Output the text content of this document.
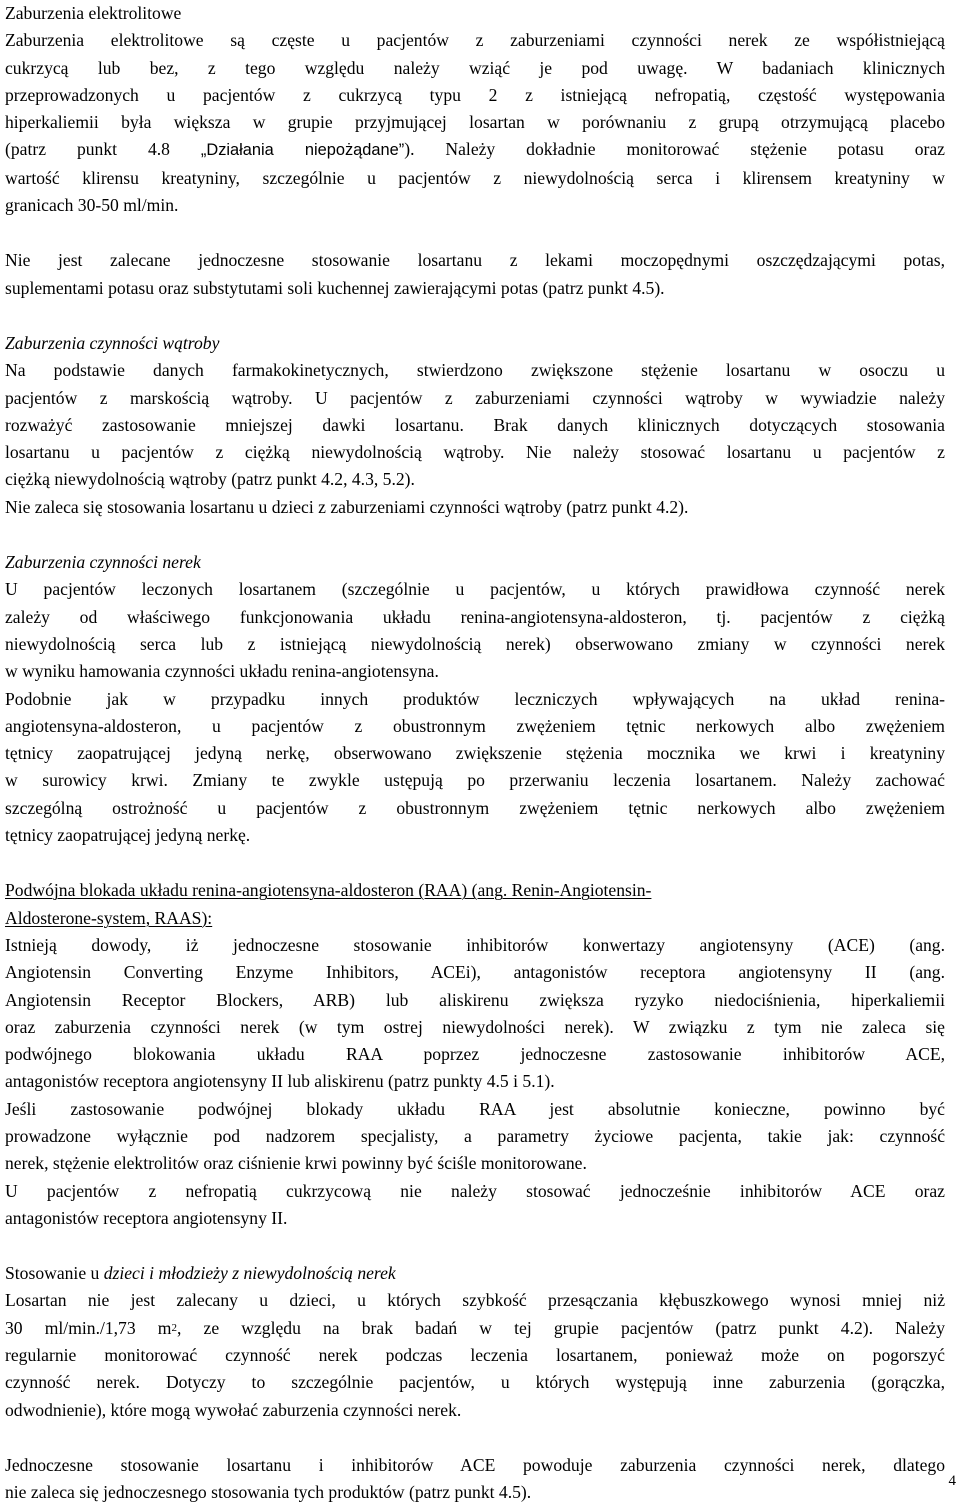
Zaburzenia elektrolitowe
Zaburzenia elektrolitowe są częste u pacjentów z zaburzeniami czynności nerek ze współistniejącą
cukrzycą lub bez, z tego względu należy wziąć je pod uwagę. W badaniach klinicznych
przeprowadzonych u pacjentów z cukrzycą typu 2 z istniejącą nefropatią, częstość występowania
hiperkaliemii była większa w grupie przyjmującej losartan w porównaniu z grupą otrzymującą placebo
(patrz punkt 4.8 „Działania niepożądane”). Należy dokładnie monitorować stężenie potasu oraz
wartość klirensu kreatyniny, szczególnie u pacjentów z niewydolnością serca i klirensem kreatyniny w
granicach 30-50 ml/min.
Nie jest zalecane jednoczesne stosowanie losartanu z lekami moczopędnymi oszczędzającymi potas,
suplementami potasu oraz substytutami soli kuchennej zawierającymi potas (patrz punkt 4.5).
Zaburzenia czynności wątroby
Na podstawie danych farmakokinetycznych, stwierdzono zwiększone stężenie losartanu w osoczu u
pacjentów z marskością wątroby. U pacjentów z zaburzeniami czynności wątroby w wywiadzie należy
rozważyć zastosowanie mniejszej dawki losartanu. Brak danych klinicznych dotyczących stosowania
losartanu u pacjentów z ciężką niewydolnością wątroby. Nie należy stosować losartanu u pacjentów z
ciężką niewydolnością wątroby (patrz punkt 4.2, 4.3, 5.2).
Nie zaleca się stosowania losartanu u dzieci z zaburzeniami czynności wątroby (patrz punkt 4.2).
Zaburzenia czynności nerek
U pacjentów leczonych losartanem (szczególnie u pacjentów, u których prawidłowa czynność nerek
zależy od właściwego funkcjonowania układu renina-angiotensyna-aldosteron, tj. pacjentów z ciężką
niewydolnością serca lub z istniejącą niewydolnością nerek) obserwowano zmiany w czynności nerek
w wyniku hamowania czynności układu renina-angiotensyna.
Podobnie jak w przypadku innych produktów leczniczych wpływających na układ renina-
angiotensyna-aldosteron, u pacjentów z obustronnym zwężeniem tętnic nerkowych albo zwężeniem
tętnicy zaopatrującej jedyną nerkę, obserwowano zwiększenie stężenia mocznika we krwi i kreatyniny
w surowicy krwi. Zmiany te zwykle ustępują po przerwaniu leczenia losartanem. Należy zachować
szczególną ostrożność u pacjentów z obustronnym zwężeniem tętnic nerkowych albo zwężeniem
tętnicy zaopatrującej jedyną nerkę.
Podwójna blokada układu renina-angiotensyna-aldosteron (RAA) (ang. Renin-Angiotensin-
Aldosterone-system, RAAS):
Istnieją dowody, iż jednoczesne stosowanie inhibitorów konwertazy angiotensyny (ACE) (ang.
Angiotensin Converting Enzyme Inhibitors, ACEi), antagonistów receptora angiotensyny II (ang.
Angiotensin Receptor Blockers, ARB) lub aliskirenu zwiększa ryzyko niedociśnienia, hiperkaliemii
oraz zaburzenia czynności nerek (w tym ostrej niewydolności nerek). W związku z tym nie zaleca się
podwójnego blokowania układu RAA poprzez jednoczesne zastosowanie inhibitorów ACE,
antagonistów receptora angiotensyny II lub aliskirenu (patrz punkty 4.5 i 5.1).
Jeśli zastosowanie podwójnej blokady układu RAA jest absolutnie konieczne, powinno być
prowadzone wyłącznie pod nadzorem specjalisty, a parametry życiowe pacjenta, takie jak: czynność
nerek, stężenie elektrolitów oraz ciśnienie krwi powinny być ściśle monitorowane.
U pacjentów z nefropatią cukrzycową nie należy stosować jednocześnie inhibitorów ACE oraz
antagonistów receptora angiotensyny II.
Stosowanie u dzieci i młodzieży z niewydolnością nerek
Losartan nie jest zalecany u dzieci, u których szybkość przesączania kłębuszkowego wynosi mniej niż
30 ml/min./1,73 $m^2$, ze względu na brak badań w tej grupie pacjentów (patrz punkt 4.2). Należy
regularnie monitorować czynność nerek podczas leczenia losartanem, ponieważ może on pogorszyć
czynność nerek. Dotyczy to szczególnie pacjentów, u których występują inne zaburzenia (gorączka,
odwodnienie), które mogą wywołać zaburzenia czynności nerek.
Jednoczesne stosowanie losartanu i inhibitorów ACE powoduje zaburzenia czynności nerek, dlatego
nie zaleca się jednoczesnego stosowania tych produktów (patrz punkt 4.5).
4
